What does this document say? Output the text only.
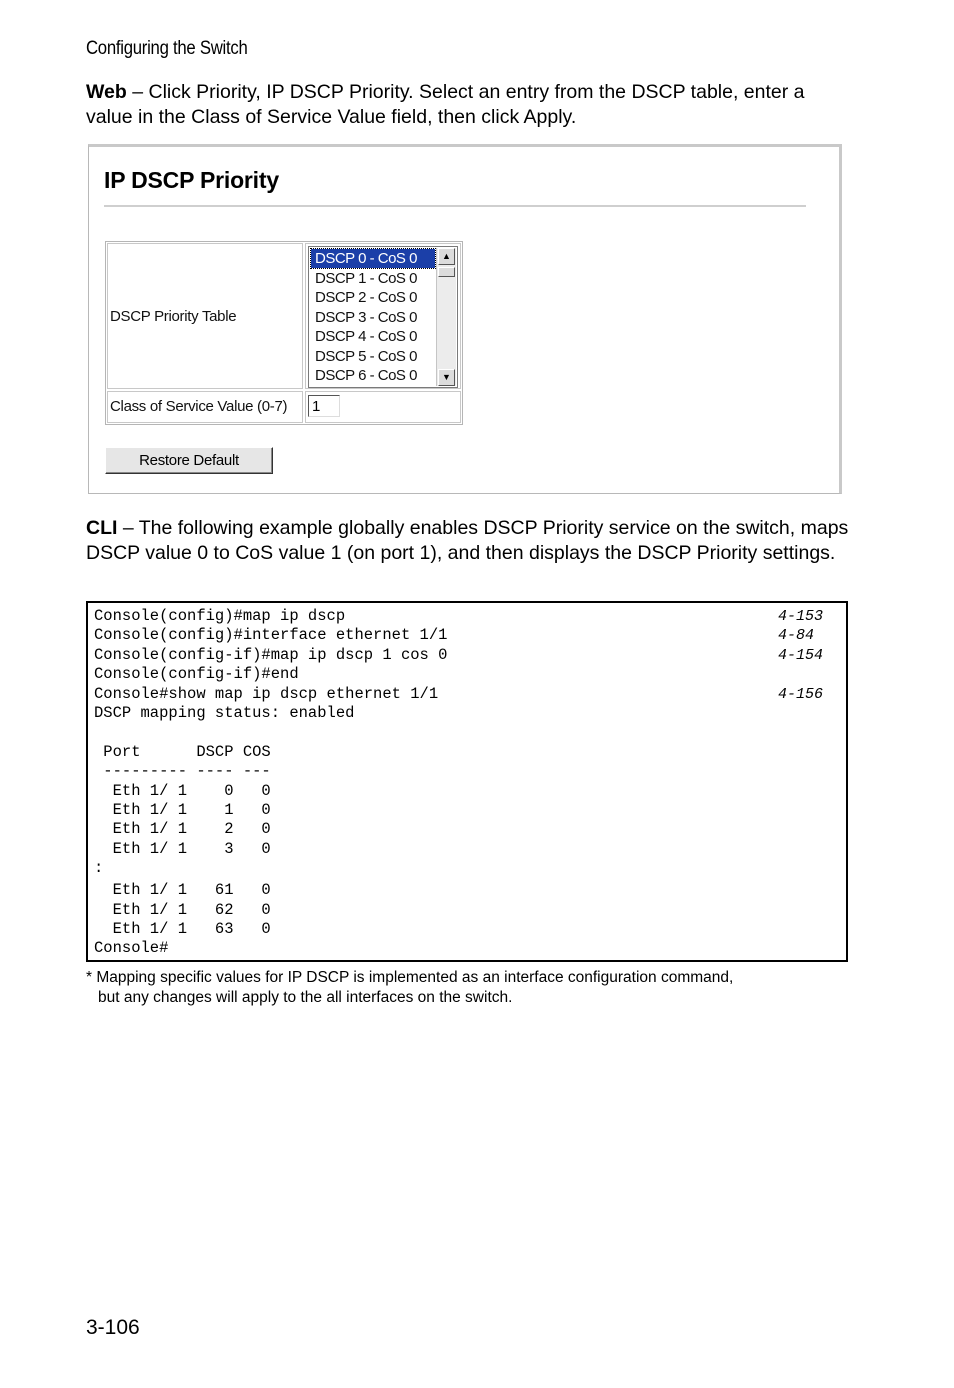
Configuring the Switch
Web – Click Priority, IP DSCP Priority. Select an entry from the DSCP table, enter a value in the Class of Service Value field, then click Apply.
IP DSCP Priority
DSCP Priority Table
DSCP 0 - CoS 0
DSCP 1 - CoS 0
DSCP 2 - CoS 0
DSCP 3 - CoS 0
DSCP 4 - CoS 0
DSCP 5 - CoS 0
DSCP 6 - CoS 0
▲
▼
Class of Service Value (0-7)
1
Restore Default
CLI – The following example globally enables DSCP Priority service on the switch, maps DSCP value 0 to CoS value 1 (on port 1), and then displays the DSCP Priority settings.
Console(config)#map ip dscp	4-153
Console(config)#interface ethernet 1/1	4-84
Console(config-if)#map ip dscp 1 cos 0	4-154
Console(config-if)#end
Console#show map ip dscp ethernet 1/1	4-156
DSCP mapping status: enabled
Port      DSCP COS
--------- ---- ---
Eth 1/ 1    0   0
Eth 1/ 1    1   0
Eth 1/ 1    2   0
Eth 1/ 1    3   0
:
Eth 1/ 1   61   0
Eth 1/ 1   62   0
Eth 1/ 1   63   0
Console#
* Mapping specific values for IP DSCP is implemented as an interface configuration command,
but any changes will apply to the all interfaces on the switch.
3-106
